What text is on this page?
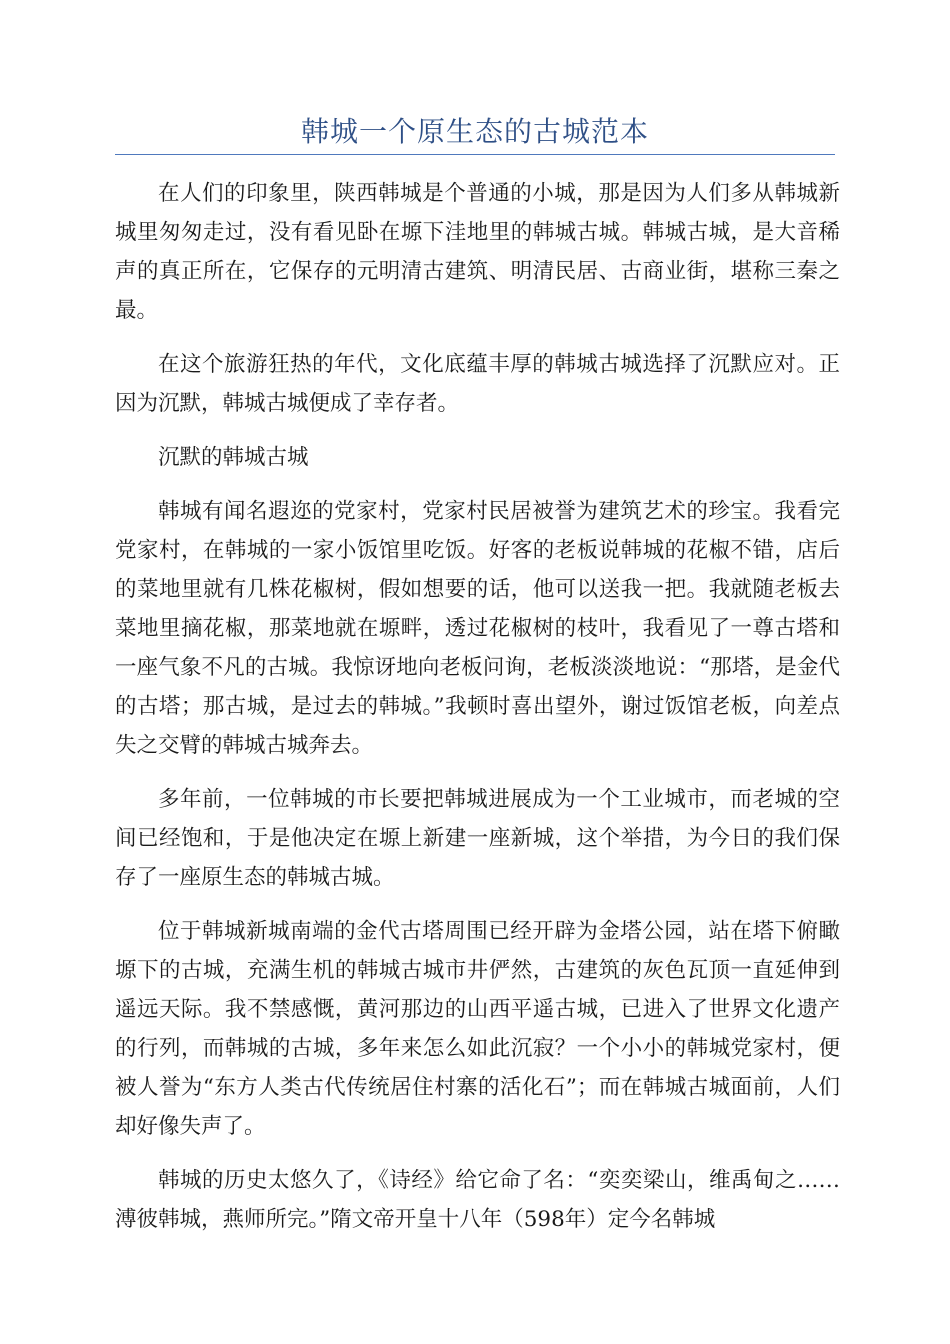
韩城一个原生态的古城范本

在人们的印象里，陕西韩城是个普通的小城，那是因为人们多从韩城新城里匆匆走过，没有看见卧在塬下洼地里的韩城古城。韩城古城，是大音稀声的真正所在，它保存的元明清古建筑、明清民居、古商业街，堪称三秦之最。

在这个旅游狂热的年代，文化底蕴丰厚的韩城古城选择了沉默应对。正因为沉默，韩城古城便成了幸存者。

沉默的韩城古城

韩城有闻名遐迩的党家村，党家村民居被誉为建筑艺术的珍宝。我看完党家村，在韩城的一家小饭馆里吃饭。好客的老板说韩城的花椒不错，店后的菜地里就有几株花椒树，假如想要的话，他可以送我一把。我就随老板去菜地里摘花椒，那菜地就在塬畔，透过花椒树的枝叶，我看见了一尊古塔和一座气象不凡的古城。我惊讶地向老板问询，老板淡淡地说：“那塔，是金代的古塔；那古城，是过去的韩城。”我顿时喜出望外，谢过饭馆老板，向差点失之交臂的韩城古城奔去。

多年前，一位韩城的市长要把韩城进展成为一个工业城市，而老城的空间已经饱和，于是他决定在塬上新建一座新城，这个举措，为今日的我们保存了一座原生态的韩城古城。

位于韩城新城南端的金代古塔周围已经开辟为金塔公园，站在塔下俯瞰塬下的古城，充满生机的韩城古城市井俨然，古建筑的灰色瓦顶一直延伸到遥远天际。我不禁感慨，黄河那边的山西平遥古城，已进入了世界文化遗产的行列，而韩城的古城，多年来怎么如此沉寂？一个小小的韩城党家村，便被人誉为“东方人类古代传统居住村寨的活化石”；而在韩城古城面前，人们却好像失声了。

韩城的历史太悠久了，《诗经》给它命了名：“奕奕梁山，维禹甸之……溥彼韩城，燕师所完。”隋文帝开皇十八年（598年）定今名韩城
